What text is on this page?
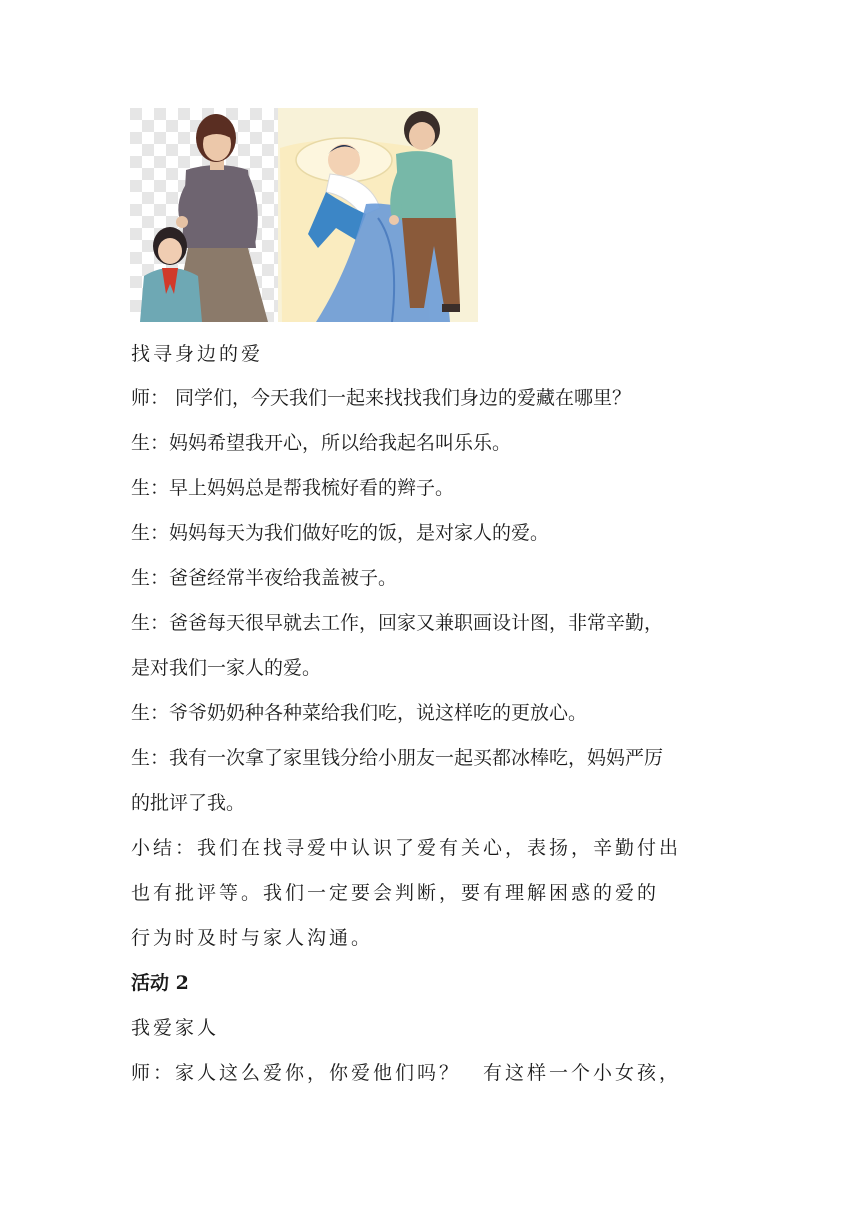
找寻身边的爱

师： 同学们，今天我们一起来找找我们身边的爱藏在哪里？

生：妈妈希望我开心，所以给我起名叫乐乐。

生：早上妈妈总是帮我梳好看的辫子。

生：妈妈每天为我们做好吃的饭，是对家人的爱。

生：爸爸经常半夜给我盖被子。

生：爸爸每天很早就去工作，回家又兼职画设计图，非常辛勤，

是对我们一家人的爱。

生：爷爷奶奶种各种菜给我们吃，说这样吃的更放心。

生：我有一次拿了家里钱分给小朋友一起买都冰棒吃，妈妈严厉

的批评了我。

小结：我们在找寻爱中认识了爱有关心，表扬，辛勤付出

也有批评等。我们一定要会判断，要有理解困惑的爱的

行为时及时与家人沟通。

活动 2

我爱家人

师：家人这么爱你，你爱他们吗？　有这样一个小女孩，
